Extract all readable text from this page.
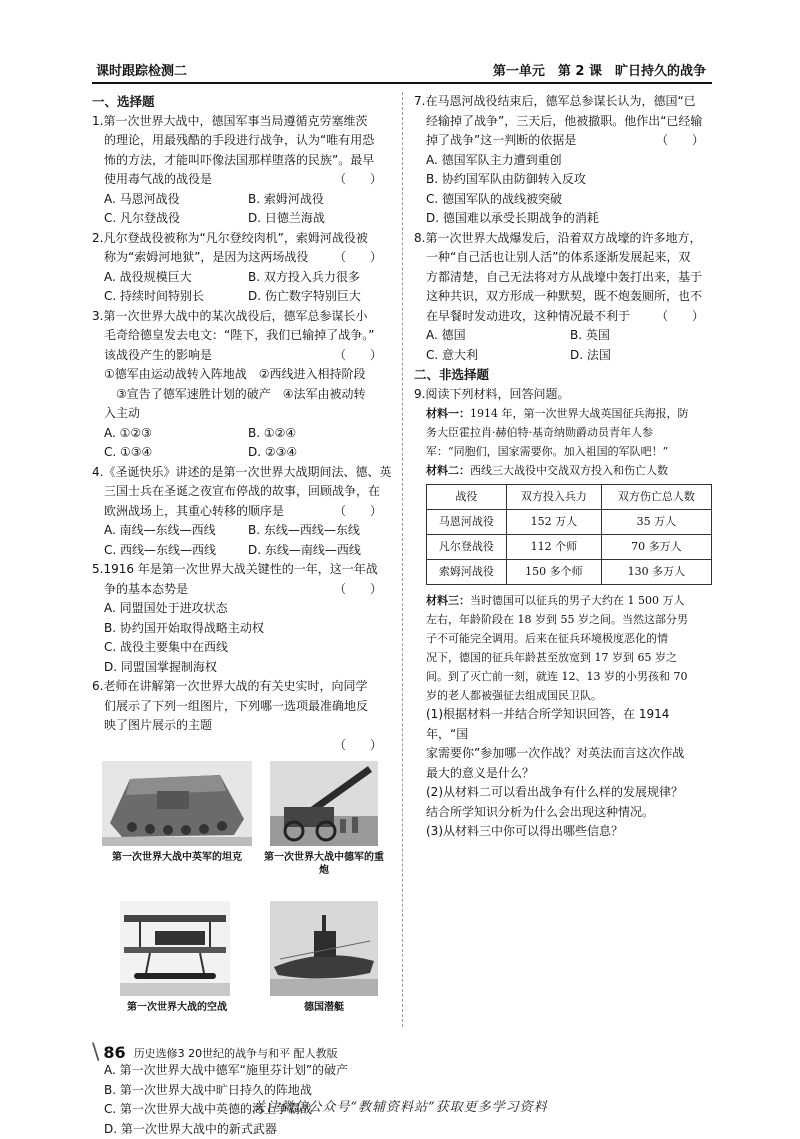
课时跟踪检测二	第一单元　第 2 课　旷日持久的战争
一、选择题
1.第一次世界大战中，德国军事当局遵循克劳塞维茨
的理论，用最残酷的手段进行战争，认为“唯有用恐
怖的方法，才能叫吓像法国那样堕落的民族”。最早
使用毒气战的战役是	（　　）
A. 马恩河战役	B. 索姆河战役
C. 凡尔登战役	D. 日德兰海战
2.凡尔登战役被称为“凡尔登绞肉机”，索姆河战役被
称为“索姆河地狱”，是因为这两场战役 （　　）
A. 战役规模巨大	B. 双方投入兵力很多
C. 持续时间特别长	D. 伤亡数字特别巨大
3.第一次世界大战中的某次战役后，德军总参谋长小
毛奇给德皇发去电文：“陛下，我们已输掉了战争。”
该战役产生的影响是	（　　）
①德军由运动战转入阵地战　②西线进入相持阶段
③宣告了德军速胜计划的破产　④法军由被动转
入主动
A. ①②③	B. ①②④
C. ①③④	D. ②③④
4.《圣诞快乐》讲述的是第一次世界大战期间法、德、英
三国士兵在圣诞之夜宣布停战的故事，回顾战争，在
欧洲战场上，其重心转移的顺序是	（　　）
A. 南线—东线—西线	B. 东线—西线—东线
C. 西线—东线—西线	D. 东线—南线—西线
5.1916 年是第一次世界大战关键性的一年，这一年战
争的基本态势是	（　　）
A. 同盟国处于进攻状态
B. 协约国开始取得战略主动权
C. 战役主要集中在西线
D. 同盟国掌握制海权
6.老师在讲解第一次世界大战的有关史实时，向同学
们展示了下列一组图片，下列哪一选项最准确地反
映了图片展示的主题
（　　）
第一次世界大战中英军的坦克	第一次世界大战中德军的重炮
第一次世界大战的空战	德国潜艇
A. 第一次世界大战中德军“施里芬计划”的破产
B. 第一次世界大战中旷日持久的阵地战
C. 第一次世界大战中英德的海上争霸战
D. 第一次世界大战中的新式武器
7.在马恩河战役结束后，德军总参谋长认为，德国“已
经输掉了战争”，三天后，他被撤职。他作出“已经输
掉了战争”这一判断的依据是	（　　）
A. 德国军队主力遭到重创
B. 协约国军队由防御转入反攻
C. 德国军队的战线被突破
D. 德国难以承受长期战争的消耗
8.第一次世界大战爆发后，沿着双方战壕的许多地方，
一种“自己活也让别人活”的体系逐渐发展起来，双
方都清楚，自己无法将对方从战壕中轰打出来，基于
这种共识，双方形成一种默契，既不炮轰厕所，也不
在早餐时发动进攻，这种情况最不利于 （　　）
A. 德国	B. 英国
C. 意大利	D. 法国
二、非选择题
9.阅读下列材料，回答问题。
材料一：1914 年，第一次世界大战英国征兵海报，防
务大臣霍拉肖·赫伯特·基奇纳勋爵动员青年人参
军：“同胞们，国家需要你。加入祖国的军队吧！”
材料二：西线三大战役中交战双方投入和伤亡人数
战役	双方投入兵力	双方伤亡总人数
马恩河战役	152 万人	35 万人
凡尔登战役	112 个师	70 多万人
索姆河战役	150 多个师	130 多万人
材料三：当时德国可以征兵的男子大约在 1 500 万人
左右，年龄阶段在 18 岁到 55 岁之间。当然这部分男
子不可能完全调用。后来在征兵环境极度恶化的情
况下，德国的征兵年龄甚至放宽到 17 岁到 65 岁之
间。到了灭亡前一刻，就连 12、13 岁的小男孩和 70
岁的老人都被强征去组成国民卫队。
(1)根据材料一并结合所学知识回答，在 1914 年，“国
家需要你”参加哪一次作战？对英法而言这次作战
最大的意义是什么？
(2)从材料二可以看出战争有什么样的发展规律？
结合所学知识分析为什么会出现这种情况。
(3)从材料三中你可以得出哪些信息？
\ 86 历史选修3 20世纪的战争与和平 配人教版
关注微信公众号“教辅资料站”获取更多学习资料
